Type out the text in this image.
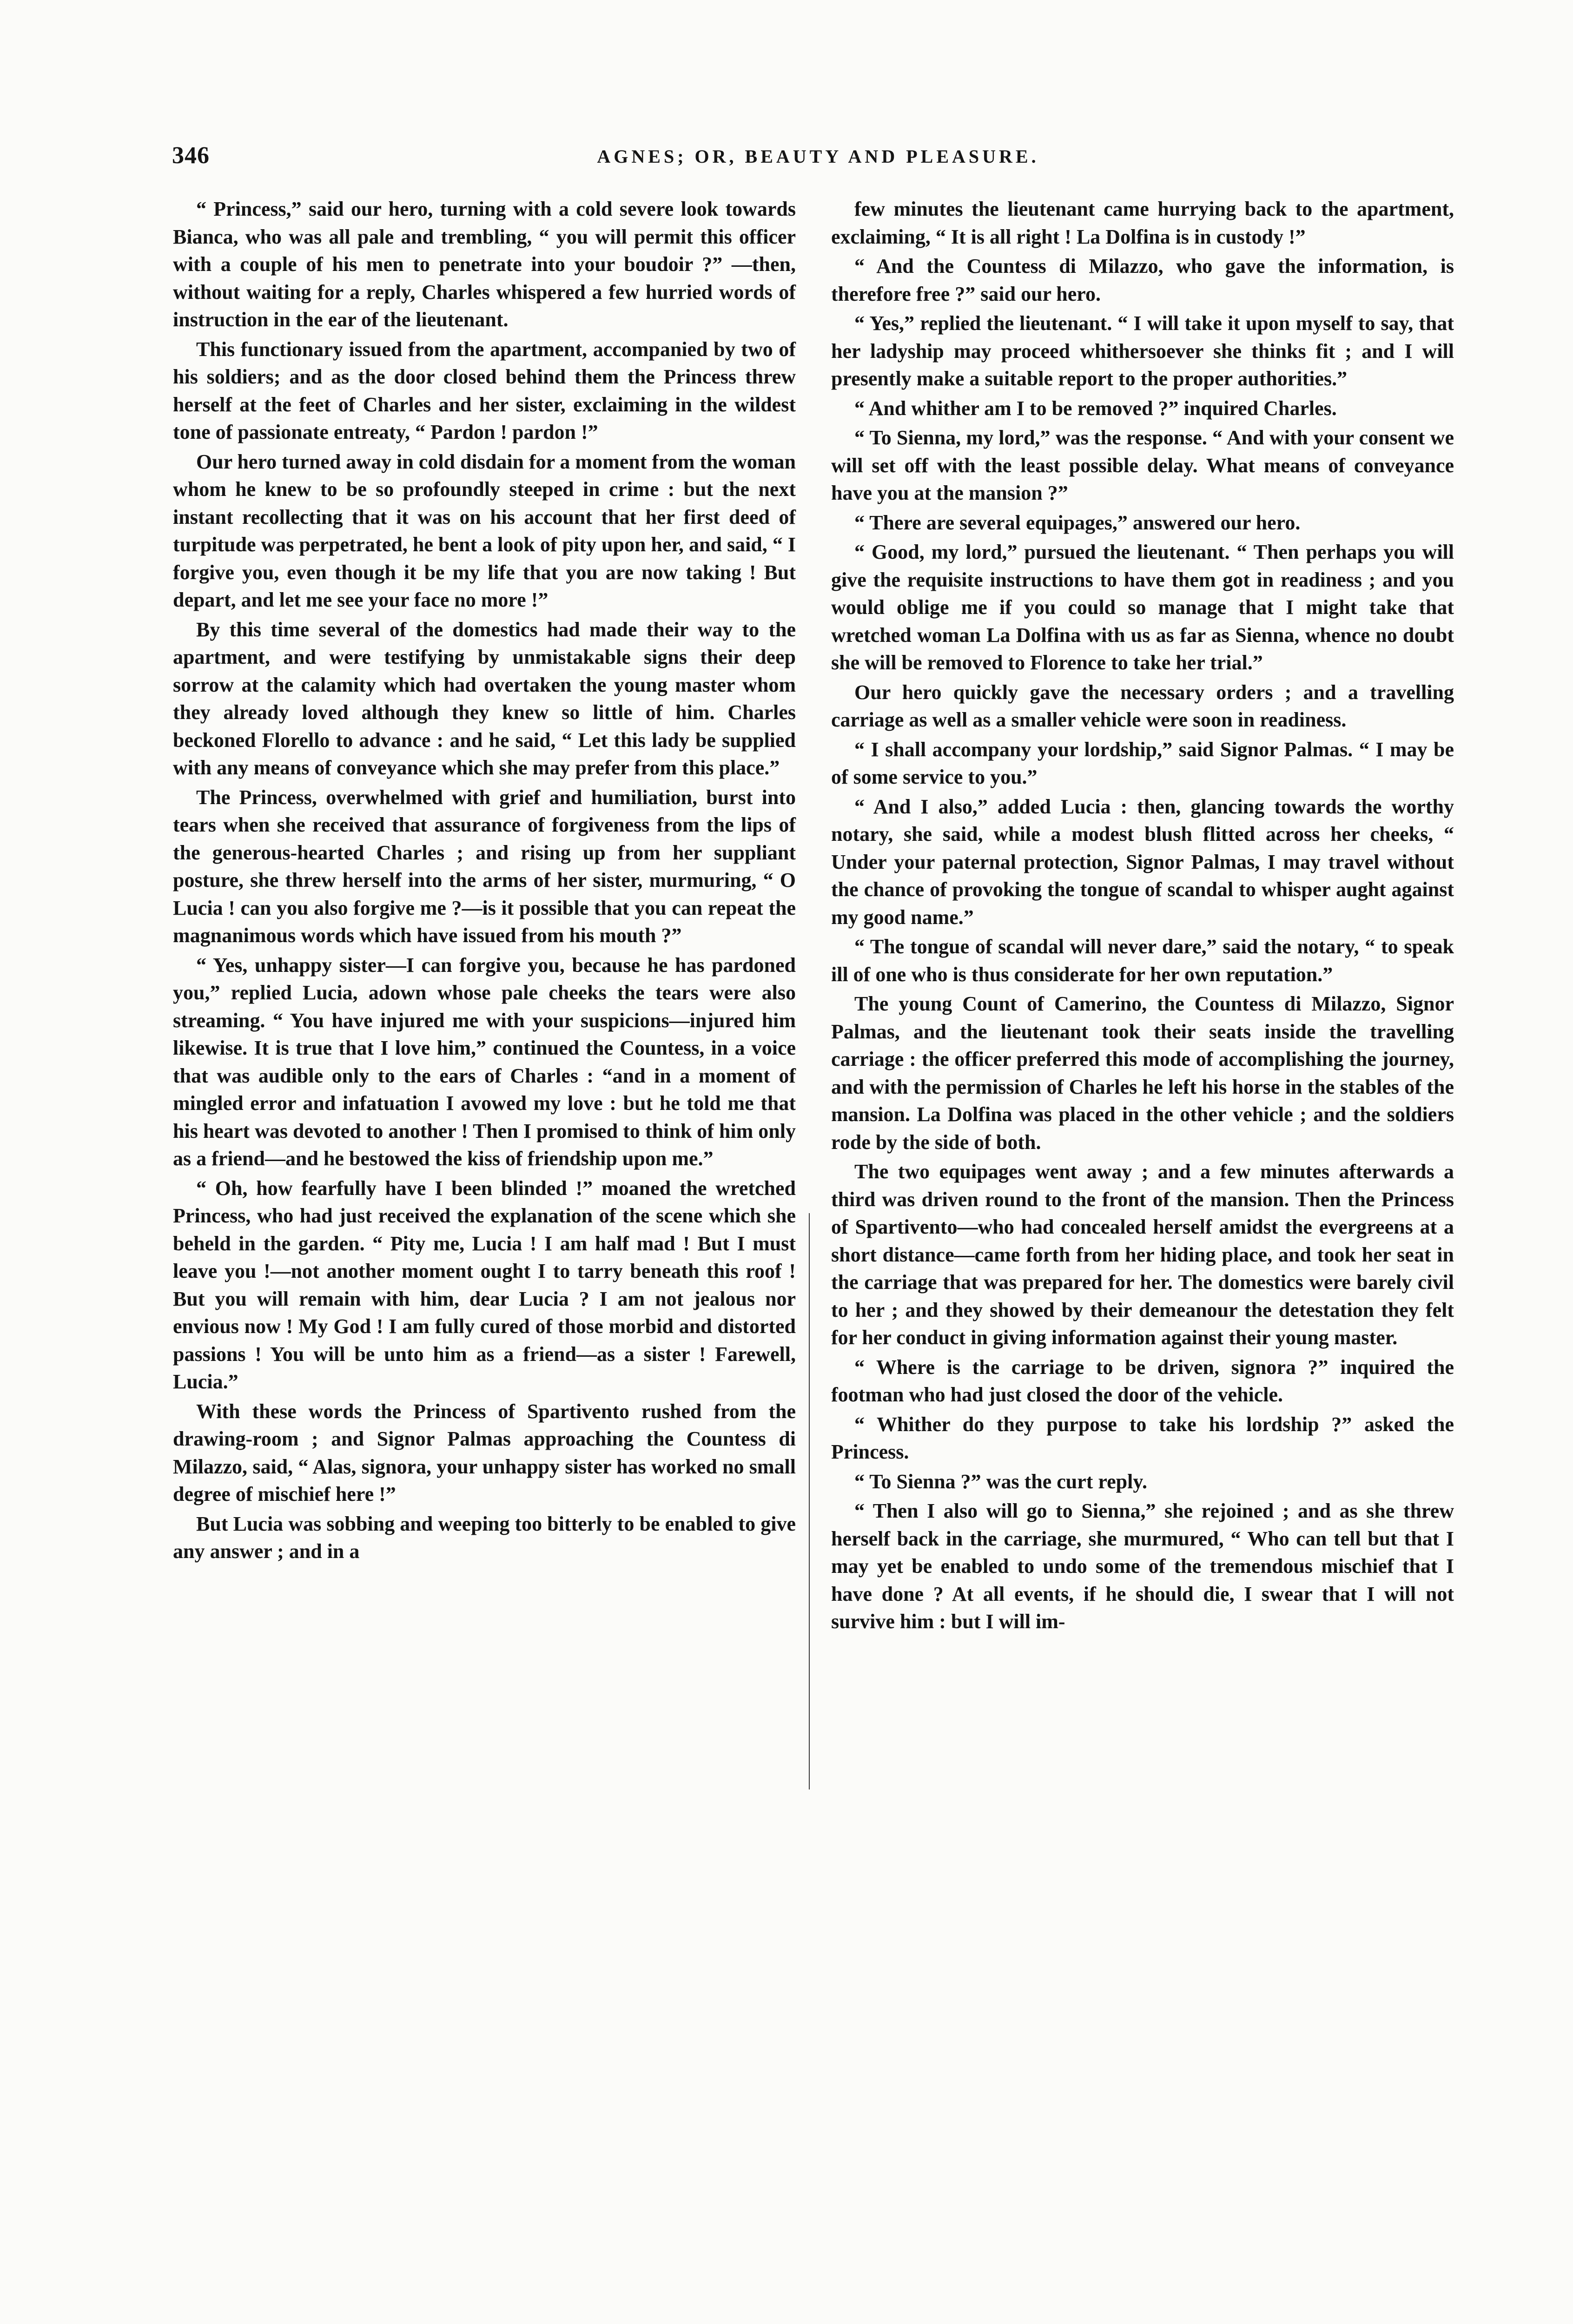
346	AGNES; OR, BEAUTY AND PLEASURE.

“ Princess,” said our hero, turning with a cold severe look towards Bianca, who was all pale and trembling, “ you will permit this officer with a couple of his men to penetrate into your boudoir ?” —then, without waiting for a reply, Charles whispered a few hurried words of instruction in the ear of the lieutenant.

This functionary issued from the apartment, accompanied by two of his soldiers; and as the door closed behind them the Princess threw herself at the feet of Charles and her sister, exclaiming in the wildest tone of passionate entreaty, “ Pardon ! pardon !”

Our hero turned away in cold disdain for a moment from the woman whom he knew to be so profoundly steeped in crime : but the next instant recollecting that it was on his account that her first deed of turpitude was perpetrated, he bent a look of pity upon her, and said, “ I forgive you, even though it be my life that you are now taking ! But depart, and let me see your face no more !”

By this time several of the domestics had made their way to the apartment, and were testifying by unmistakable signs their deep sorrow at the calamity which had overtaken the young master whom they already loved although they knew so little of him. Charles beckoned Florello to advance : and he said, “ Let this lady be supplied with any means of conveyance which she may prefer from this place.”

The Princess, overwhelmed with grief and humiliation, burst into tears when she received that assurance of forgiveness from the lips of the generous-hearted Charles ; and rising up from her suppliant posture, she threw herself into the arms of her sister, murmuring, “ O Lucia ! can you also forgive me ?—is it possible that you can repeat the magnanimous words which have issued from his mouth ?”

“ Yes, unhappy sister—I can forgive you, because he has pardoned you,” replied Lucia, adown whose pale cheeks the tears were also streaming. “ You have injured me with your suspicions—injured him likewise. It is true that I love him,” continued the Countess, in a voice that was audible only to the ears of Charles : “and in a moment of mingled error and infatuation I avowed my love : but he told me that his heart was devoted to another ! Then I promised to think of him only as a friend—and he bestowed the kiss of friendship upon me.”

“ Oh, how fearfully have I been blinded !” moaned the wretched Princess, who had just received the explanation of the scene which she beheld in the garden. “ Pity me, Lucia ! I am half mad ! But I must leave you !—not another moment ought I to tarry beneath this roof ! But you will remain with him, dear Lucia ? I am not jealous nor envious now ! My God ! I am fully cured of those morbid and distorted passions ! You will be unto him as a friend—as a sister ! Farewell, Lucia.”

With these words the Princess of Spartivento rushed from the drawing-room ; and Signor Palmas approaching the Countess di Milazzo, said, “ Alas, signora, your unhappy sister has worked no small degree of mischief here !”

But Lucia was sobbing and weeping too bitterly to be enabled to give any answer ; and in a

few minutes the lieutenant came hurrying back to the apartment, exclaiming, “ It is all right ! La Dolfina is in custody !”

“ And the Countess di Milazzo, who gave the information, is therefore free ?” said our hero.

“ Yes,” replied the lieutenant. “ I will take it upon myself to say, that her ladyship may proceed whithersoever she thinks fit ; and I will presently make a suitable report to the proper authorities.”

“ And whither am I to be removed ?” inquired Charles.

“ To Sienna, my lord,” was the response. “ And with your consent we will set off with the least possible delay. What means of conveyance have you at the mansion ?”

“ There are several equipages,” answered our hero.

“ Good, my lord,” pursued the lieutenant. “ Then perhaps you will give the requisite instructions to have them got in readiness ; and you would oblige me if you could so manage that I might take that wretched woman La Dolfina with us as far as Sienna, whence no doubt she will be removed to Florence to take her trial.”

Our hero quickly gave the necessary orders ; and a travelling carriage as well as a smaller vehicle were soon in readiness.

“ I shall accompany your lordship,” said Signor Palmas. “ I may be of some service to you.”

“ And I also,” added Lucia : then, glancing towards the worthy notary, she said, while a modest blush flitted across her cheeks, “ Under your paternal protection, Signor Palmas, I may travel without the chance of provoking the tongue of scandal to whisper aught against my good name.”

“ The tongue of scandal will never dare,” said the notary, “ to speak ill of one who is thus considerate for her own reputation.”

The young Count of Camerino, the Countess di Milazzo, Signor Palmas, and the lieutenant took their seats inside the travelling carriage : the officer preferred this mode of accomplishing the journey, and with the permission of Charles he left his horse in the stables of the mansion. La Dolfina was placed in the other vehicle ; and the soldiers rode by the side of both.

The two equipages went away ; and a few minutes afterwards a third was driven round to the front of the mansion. Then the Princess of Spartivento—who had concealed herself amidst the evergreens at a short distance—came forth from her hiding place, and took her seat in the carriage that was prepared for her. The domestics were barely civil to her ; and they showed by their demeanour the detestation they felt for her conduct in giving information against their young master.

“ Where is the carriage to be driven, signora ?” inquired the footman who had just closed the door of the vehicle.

“ Whither do they purpose to take his lordship ?” asked the Princess.

“ To Sienna ?” was the curt reply.

“ Then I also will go to Sienna,” she rejoined ; and as she threw herself back in the carriage, she murmured, “ Who can tell but that I may yet be enabled to undo some of the tremendous mischief that I have done ? At all events, if he should die, I swear that I will not survive him : but I will im-
